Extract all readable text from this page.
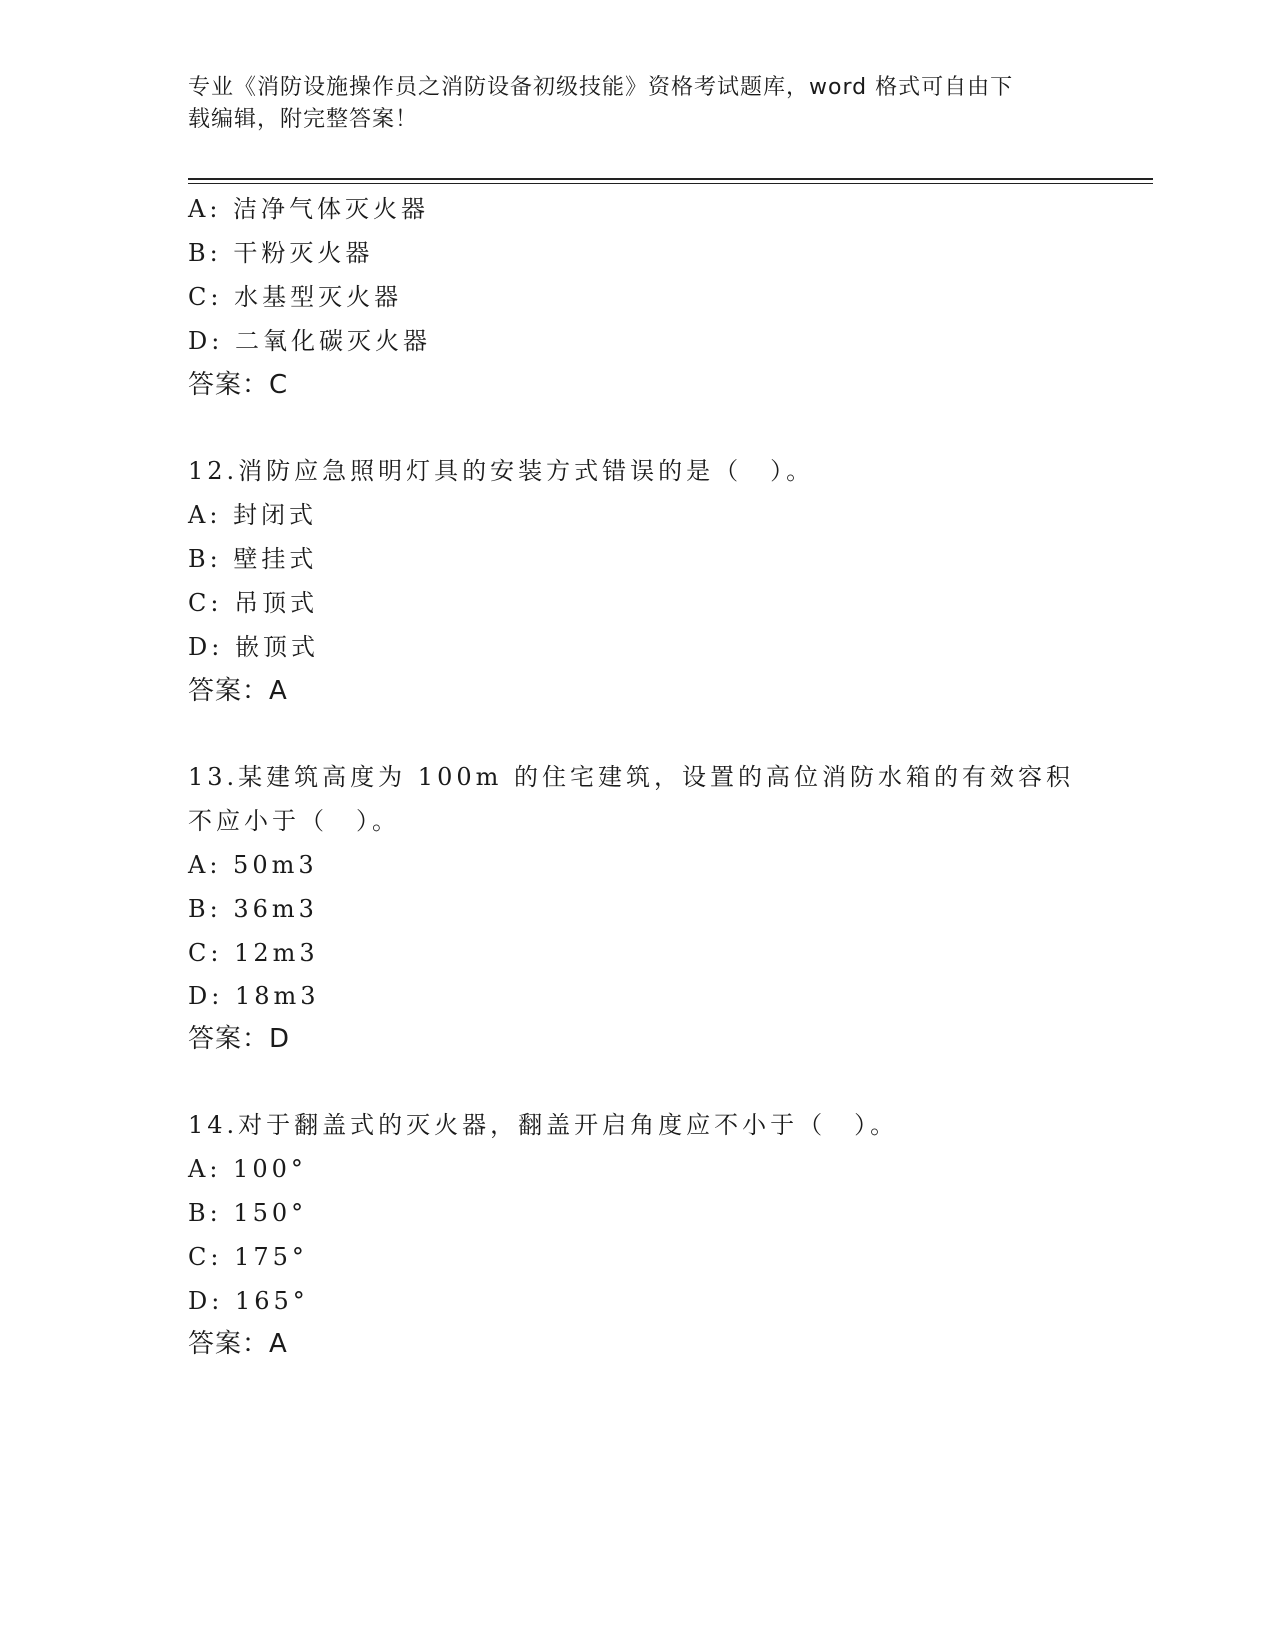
专业《消防设施操作员之消防设备初级技能》资格考试题库，word 格式可自由下

载编辑，附完整答案！

A: 洁净气体灭火器
B: 干粉灭火器
C: 水基型灭火器
D: 二氧化碳灭火器
答案：C
12.消防应急照明灯具的安装方式错误的是（　）。
A: 封闭式
B: 壁挂式
C: 吊顶式
D: 嵌顶式
答案：A
13.某建筑高度为 100m 的住宅建筑，设置的高位消防水箱的有效容积
不应小于（　）。
A: 50m3
B: 36m3
C: 12m3
D: 18m3
答案：D
14.对于翻盖式的灭火器，翻盖开启角度应不小于（　）。
A: 100°
B: 150°
C: 175°
D: 165°
答案：A
